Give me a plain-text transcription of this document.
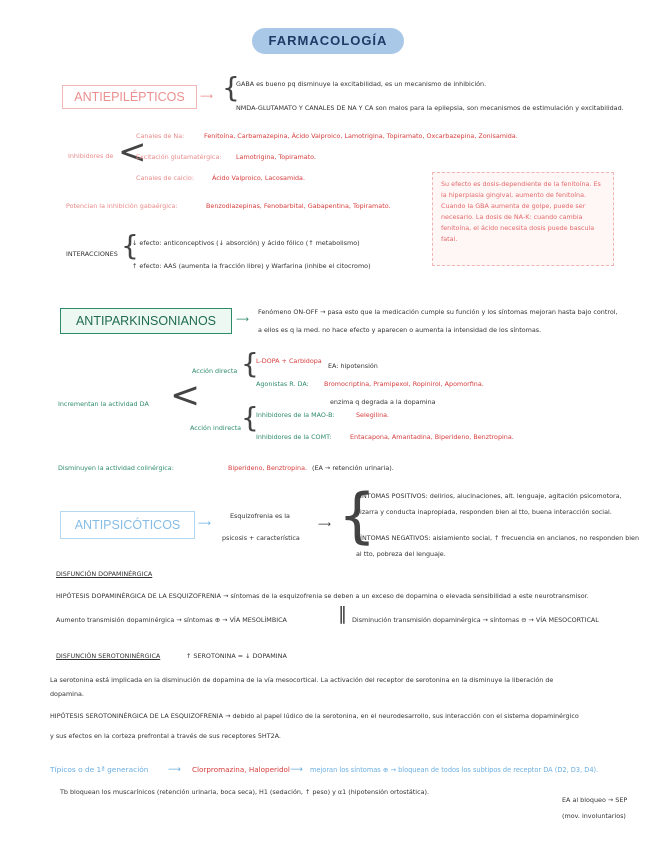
FARMACOLOGÍA
ANTIEPILÉPTICOS	⟶ {
GABA es bueno pq disminuye la excitabilidad, es un mecanismo de inhibición.
NMDA-GLUTAMATO Y CANALES DE NA Y CA son malos para la epilepsia, son mecanismos de estimulación y excitabilidad.
Inhibidores de <
Canales de Na:	Fenitoína, Carbamazepina, Ácido Valproico, Lamotrigina, Topiramato, Oxcarbazepina, Zonisamida.
Excitación glutamatérgica: Lamotrigina, Topiramato.
Canales de calcio:	Ácido Valproico, Lacosamida.
Potencian la inhibición gabaérgica:	Benzodiazepinas, Fenobarbital, Gabapentina, Topiramato.
INTERACCIONES {
↓ efecto: anticonceptivos (↓ absorción) y ácido fólico (↑ metabolismo)
↑ efecto: AAS (aumenta la fracción libre) y Warfarina (inhibe el citocromo)
Su efecto es dosis-dependiente de la fenitoína. Es la hiperplasia gingival, aumento de fenitoína. Cuando la GBA aumenta de golpe, puede ser necesario. La dosis de NA-K: cuando cambia fenitoína, el ácido necesita dosis puede bascula fatal.
ANTIPARKINSONIANOS	⟶
Fenómeno ON-OFF → pasa esto que la medicación cumple su función y los síntomas mejoran hasta bajo control,
a ellos es q la med. no hace efecto y aparecen o aumenta la intensidad de los síntomas.
Incrementan la actividad DA <
Acción directa {
L-DOPA + Carbidopa
EA: hipotensión
Agonistas R. DA: Bromocriptina, Pramipexol, Ropinirol, Apomorfina.
Acción indirecta {	enzima q degrada a la dopamina
Inhibidores de la MAO-B:	Selegilina.
Inhibidores de la COMT:	Entacapona, Amantadina, Biperideno, Benztropina.
Disminuyen la actividad colinérgica:	Biperideno, Benztropina. (EA → retención urinaria).
ANTIPSICÓTICOS	⟶
Esquizofrenia es la
psicosis + característica
⟶ {
SÍNTOMAS POSITIVOS: delirios, alucinaciones, alt. lenguaje, agitación psicomotora,
bizarra y conducta inapropiada, responden bien al tto, buena interacción social.
SÍNTOMAS NEGATIVOS: aislamiento social, ↑ frecuencia en ancianos, no responden bien
al tto, pobreza del lenguaje.
DISFUNCIÓN DOPAMINÉRGICA
HIPÓTESIS DOPAMINÉRGICA DE LA ESQUIZOFRENIA → síntomas de la esquizofrenia se deben a un exceso de dopamina o elevada sensibilidad a este neurotransmisor.
Aumento transmisión dopaminérgica → síntomas ⊕ → VÍA MESOLÍMBICA	∥ Disminución transmisión dopaminérgica → síntomas ⊖ → VÍA MESOCORTICAL
DISFUNCIÓN SEROTONINÉRGICA	↑ SEROTONINA = ↓ DOPAMINA
La serotonina está implicada en la disminución de dopamina de la vía mesocortical. La activación del receptor de serotonina en la disminuye la liberación de
dopamina.
HIPÓTESIS SEROTONINÉRGICA DE LA ESQUIZOFRENIA → debido al papel lúdico de la serotonina, en el neurodesarrollo, sus interacción con el sistema dopaminérgico
y sus efectos en la corteza prefrontal a través de sus receptores 5HT2A.
Típicos o de 1ª generación ⟶ Clorpromazina, Haloperidol ⟶ mejoran los síntomas ⊕ → bloquean de todos los subtipos de receptor DA (D2, D3, D4).
Tb bloquean los muscarínicos (retención urinaria, boca seca), H1 (sedación, ↑ peso) y α1 (hipotensión ortostática).
EA al bloqueo → SEP
(mov. involuntarios)
